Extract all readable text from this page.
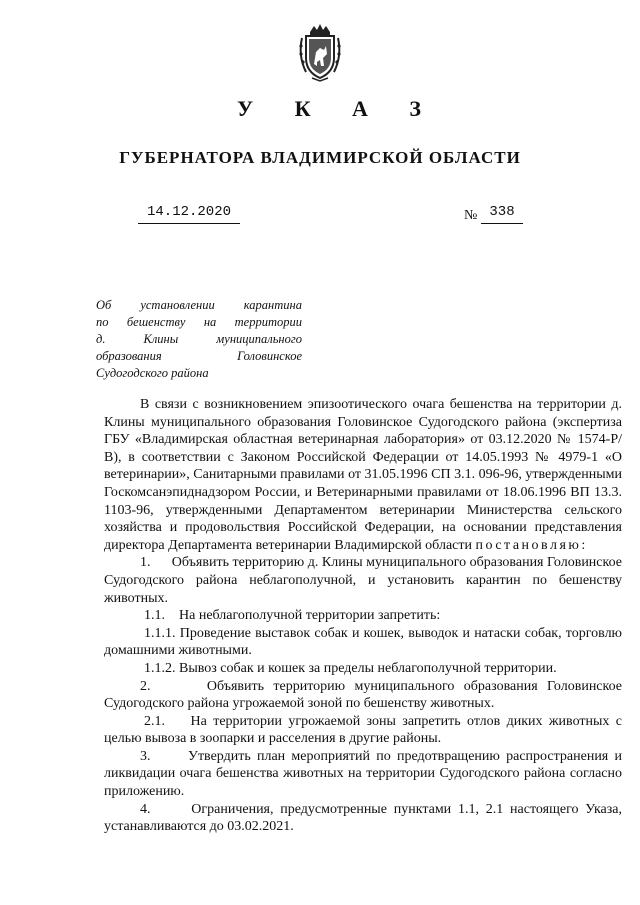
У К А З
ГУБЕРНАТОРА ВЛАДИМИРСКОЙ ОБЛАСТИ
14.12.2020	№ 338
Об установлении карантина
по бешенству на территории
д. Клины муниципального
образования Головинское
Судогодского района

В связи с возникновением эпизоотического очага бешенства на территории д. Клины муниципального образования Головинское Судогодского района (экспертиза ГБУ «Владимирская областная ветеринарная лаборатория» от 03.12.2020 № 1574-Р/В), в соответствии с Законом Российской Федерации от 14.05.1993 № 4979-1 «О ветеринарии», Санитарными правилами от 31.05.1996 СП 3.1. 096-96, утвержденными Госкомсанэпиднадзором России, и Ветеринарными правилами от 18.06.1996 ВП 13.3. 1103-96, утвержденными Департаментом ветеринарии Министерства сельского хозяйства и продовольствия Российской Федерации, на основании представления директора Департамента ветеринарии Владимирской области постановляю:

1. Объявить территорию д. Клины муниципального образования Головинское Судогодского района неблагополучной, и установить карантин по бешенству животных.

1.1. На неблагополучной территории запретить:

1.1.1. Проведение выставок собак и кошек, выводок и натаски собак, торговлю домашними животными.

1.1.2. Вывоз собак и кошек за пределы неблагополучной территории.

2.	Объявить территорию муниципального образования Головинское Судогодского района угрожаемой зоной по бешенству животных.

2.1. На территории угрожаемой зоны запретить отлов диких животных с целью вывоза в зоопарки и расселения в другие районы.

3.	Утвердить план мероприятий по предотвращению распространения и ликвидации очага бешенства животных на территории Судогодского района согласно приложению.

4.	Ограничения, предусмотренные пунктами 1.1, 2.1 настоящего Указа, устанавливаются до 03.02.2021.
